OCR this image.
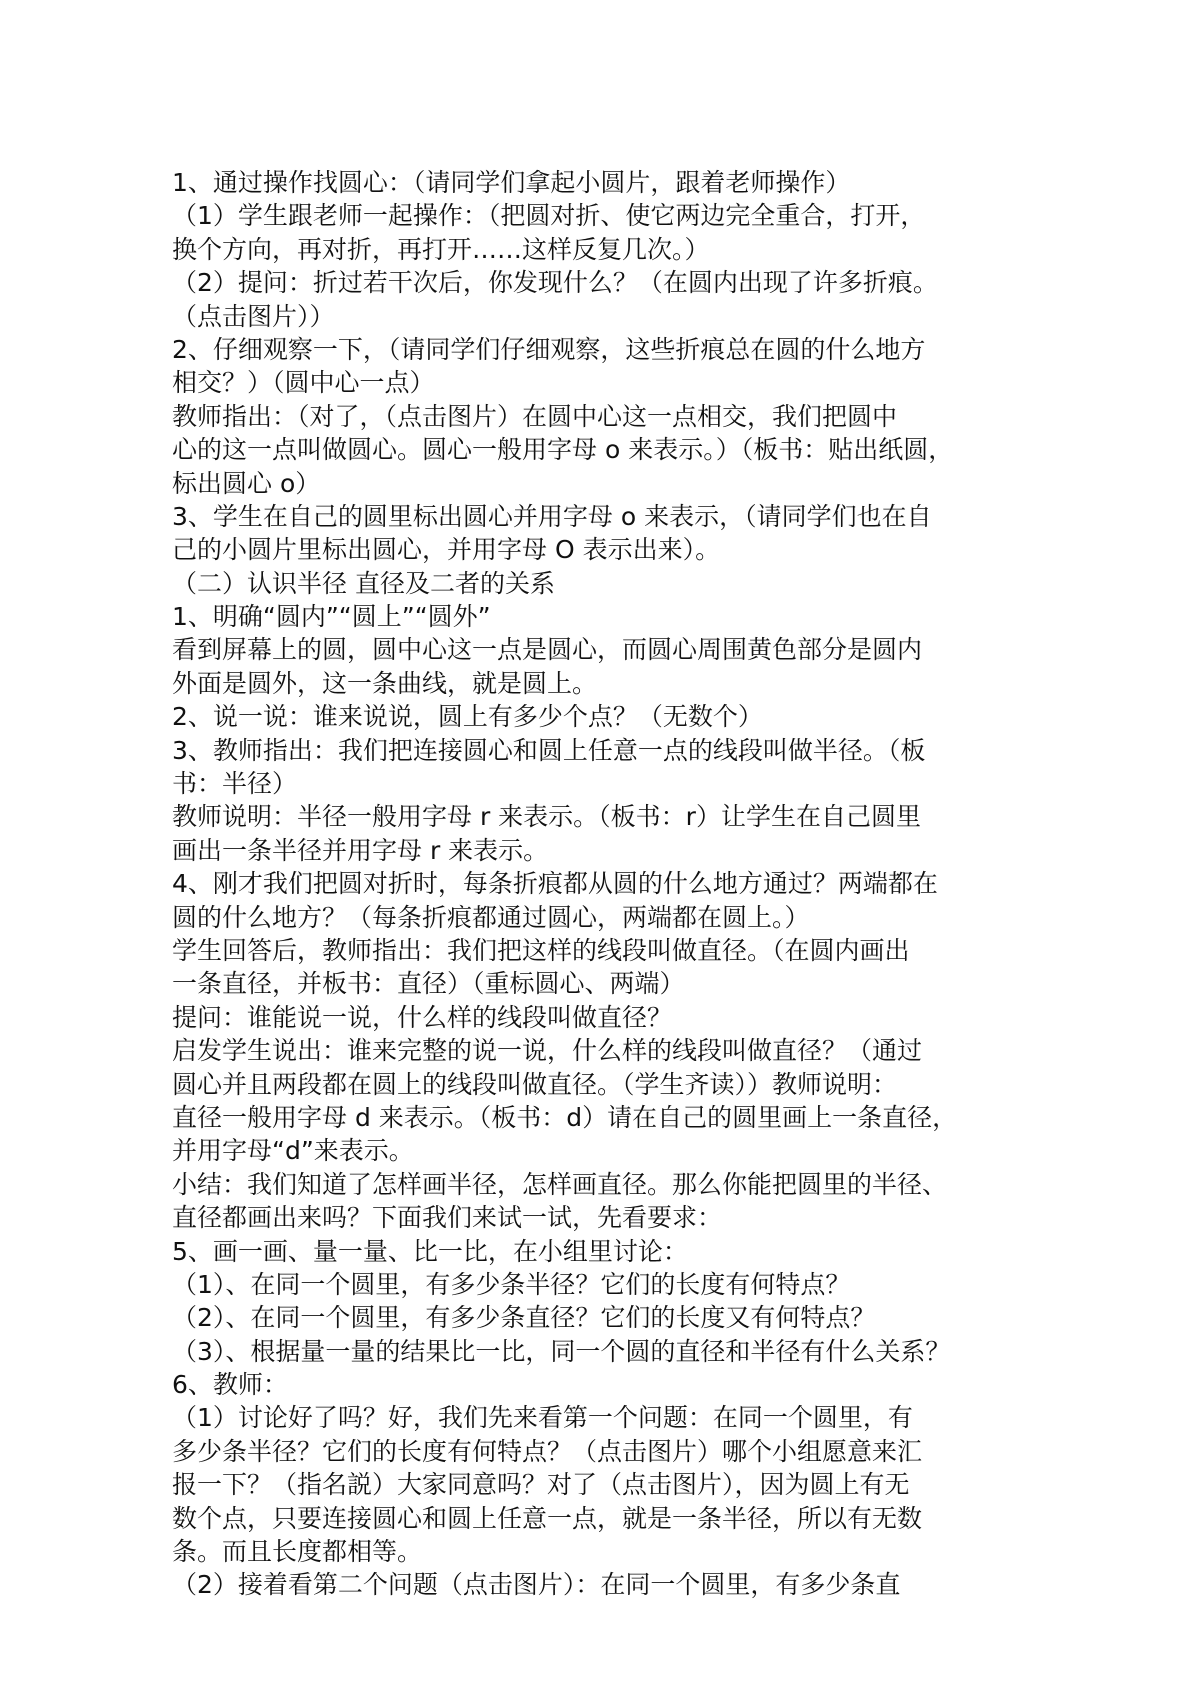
1、通过操作找圆心：（请同学们拿起小圆片，跟着老师操作）
（1）学生跟老师一起操作：（把圆对折、使它两边完全重合，打开，
换个方向，再对折，再打开……这样反复几次。）
（2）提问：折过若干次后，你发现什么？（在圆内出现了许多折痕。
（点击图片））
2、仔细观察一下，（请同学们仔细观察，这些折痕总在圆的什么地方
相交？）（圆中心一点）
教师指出：（对了，（点击图片）在圆中心这一点相交，我们把圆中
心的这一点叫做圆心。圆心一般用字母 o 来表示。）（板书：贴出纸圆，
标出圆心 o）
3、学生在自己的圆里标出圆心并用字母 o 来表示，（请同学们也在自
己的小圆片里标出圆心，并用字母 O 表示出来）。
（二）认识半径 直径及二者的关系
1、明确“圆内”“圆上”“圆外”
看到屏幕上的圆，圆中心这一点是圆心，而圆心周围黄色部分是圆内
外面是圆外，这一条曲线，就是圆上。
2、说一说：谁来说说，圆上有多少个点？（无数个）
3、教师指出：我们把连接圆心和圆上任意一点的线段叫做半径。（板
书：半径）
教师说明：半径一般用字母 r 来表示。（板书：r）让学生在自己圆里
画出一条半径并用字母 r 来表示。
4、刚才我们把圆对折时，每条折痕都从圆的什么地方通过？两端都在
圆的什么地方？（每条折痕都通过圆心，两端都在圆上。）
学生回答后，教师指出：我们把这样的线段叫做直径。（在圆内画出
一条直径，并板书：直径）（重标圆心、两端）
提问：谁能说一说，什么样的线段叫做直径？
启发学生说出：谁来完整的说一说，什么样的线段叫做直径？（通过
圆心并且两段都在圆上的线段叫做直径。（学生齐读））教师说明：
直径一般用字母 d 来表示。（板书：d）请在自己的圆里画上一条直径，
并用字母“d”来表示。
小结：我们知道了怎样画半径，怎样画直径。那么你能把圆里的半径、
直径都画出来吗？下面我们来试一试，先看要求：
5、画一画、量一量、比一比，在小组里讨论：
（1）、在同一个圆里，有多少条半径？它们的长度有何特点？
（2）、在同一个圆里，有多少条直径？它们的长度又有何特点？
（3）、根据量一量的结果比一比，同一个圆的直径和半径有什么关系？
6、教师：
（1）讨论好了吗？好，我们先来看第一个问题：在同一个圆里，有
多少条半径？它们的长度有何特点？（点击图片）哪个小组愿意来汇
报一下？（指名説）大家同意吗？对了（点击图片），因为圆上有无
数个点，只要连接圆心和圆上任意一点，就是一条半径，所以有无数
条。而且长度都相等。
（2）接着看第二个问题（点击图片）：在同一个圆里，有多少条直
